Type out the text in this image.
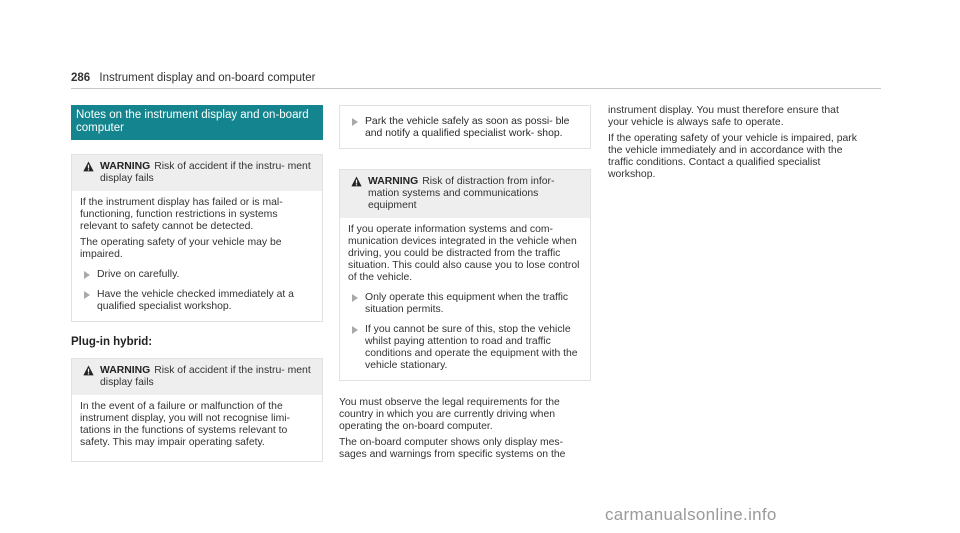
286 Instrument display and on-board computer
Notes on the instrument display and on-board computer
WARNING Risk of accident if the instru- ment display fails

If the instrument display has failed or is mal- functioning, function restrictions in systems relevant to safety cannot be detected.

The operating safety of your vehicle may be impaired.

Drive on carefully.
Have the vehicle checked immediately at a qualified specialist workshop.
Plug-in hybrid:
WARNING Risk of accident if the instru- ment display fails

In the event of a failure or malfunction of the instrument display, you will not recognise limi- tations in the functions of systems relevant to safety. This may impair operating safety.

Park the vehicle safely as soon as possi- ble and notify a qualified specialist work- shop.
WARNING Risk of distraction from infor- mation systems and communications equipment

If you operate information systems and com- munication devices integrated in the vehicle when driving, you could be distracted from the traffic situation. This could also cause you to lose control of the vehicle.

Only operate this equipment when the traffic situation permits.
If you cannot be sure of this, stop the vehicle whilst paying attention to road and traffic conditions and operate the equipment with the vehicle stationary.

You must observe the legal requirements for the country in which you are currently driving when operating the on-board computer.

The on-board computer shows only display mes- sages and warnings from specific systems on the

instrument display. You must therefore ensure that your vehicle is always safe to operate.

If the operating safety of your vehicle is impaired, park the vehicle immediately and in accordance with the traffic conditions. Contact a qualified specialist workshop.

carmanualsonline.info
